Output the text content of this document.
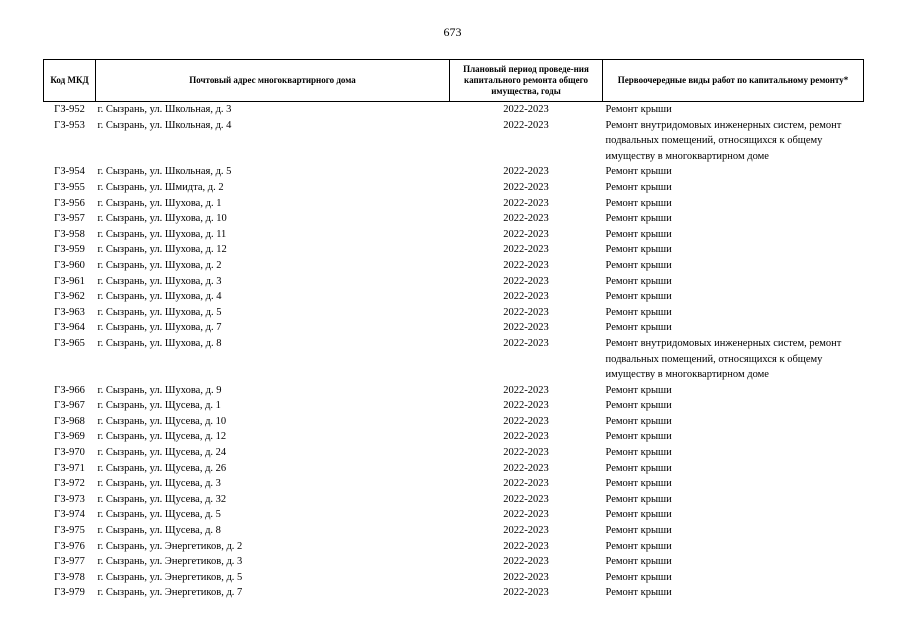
673
Код МКД	Почтовый адрес многоквартирного дома	Плановый период проведе-ния капитального ремонта общего имущества, годы	Первоочередные виды работ по капитальному ремонту*
ГЗ-952	г. Сызрань, ул. Школьная, д. 3	2022-2023	Ремонт крыши
ГЗ-953	г. Сызрань, ул. Школьная, д. 4	2022-2023	Ремонт внутридомовых инженерных систем, ремонт подвальных помещений, относящихся к общему имуществу в многоквартирном доме
ГЗ-954	г. Сызрань, ул. Школьная, д. 5	2022-2023	Ремонт крыши
ГЗ-955	г. Сызрань, ул. Шмидта, д. 2	2022-2023	Ремонт крыши
ГЗ-956	г. Сызрань, ул. Шухова, д. 1	2022-2023	Ремонт крыши
ГЗ-957	г. Сызрань, ул. Шухова, д. 10	2022-2023	Ремонт крыши
ГЗ-958	г. Сызрань, ул. Шухова, д. 11	2022-2023	Ремонт крыши
ГЗ-959	г. Сызрань, ул. Шухова, д. 12	2022-2023	Ремонт крыши
ГЗ-960	г. Сызрань, ул. Шухова, д. 2	2022-2023	Ремонт крыши
ГЗ-961	г. Сызрань, ул. Шухова, д. 3	2022-2023	Ремонт крыши
ГЗ-962	г. Сызрань, ул. Шухова, д. 4	2022-2023	Ремонт крыши
ГЗ-963	г. Сызрань, ул. Шухова, д. 5	2022-2023	Ремонт крыши
ГЗ-964	г. Сызрань, ул. Шухова, д. 7	2022-2023	Ремонт крыши
ГЗ-965	г. Сызрань, ул. Шухова, д. 8	2022-2023	Ремонт внутридомовых инженерных систем, ремонт подвальных помещений, относящихся к общему имуществу в многоквартирном доме
ГЗ-966	г. Сызрань, ул. Шухова, д. 9	2022-2023	Ремонт крыши
ГЗ-967	г. Сызрань, ул. Щусева, д. 1	2022-2023	Ремонт крыши
ГЗ-968	г. Сызрань, ул. Щусева, д. 10	2022-2023	Ремонт крыши
ГЗ-969	г. Сызрань, ул. Щусева, д. 12	2022-2023	Ремонт крыши
ГЗ-970	г. Сызрань, ул. Щусева, д. 24	2022-2023	Ремонт крыши
ГЗ-971	г. Сызрань, ул. Щусева, д. 26	2022-2023	Ремонт крыши
ГЗ-972	г. Сызрань, ул. Щусева, д. 3	2022-2023	Ремонт крыши
ГЗ-973	г. Сызрань, ул. Щусева, д. 32	2022-2023	Ремонт крыши
ГЗ-974	г. Сызрань, ул. Щусева, д. 5	2022-2023	Ремонт крыши
ГЗ-975	г. Сызрань, ул. Щусева, д. 8	2022-2023	Ремонт крыши
ГЗ-976	г. Сызрань, ул. Энергетиков, д. 2	2022-2023	Ремонт крыши
ГЗ-977	г. Сызрань, ул. Энергетиков, д. 3	2022-2023	Ремонт крыши
ГЗ-978	г. Сызрань, ул. Энергетиков, д. 5	2022-2023	Ремонт крыши
ГЗ-979	г. Сызрань, ул. Энергетиков, д. 7	2022-2023	Ремонт крыши
